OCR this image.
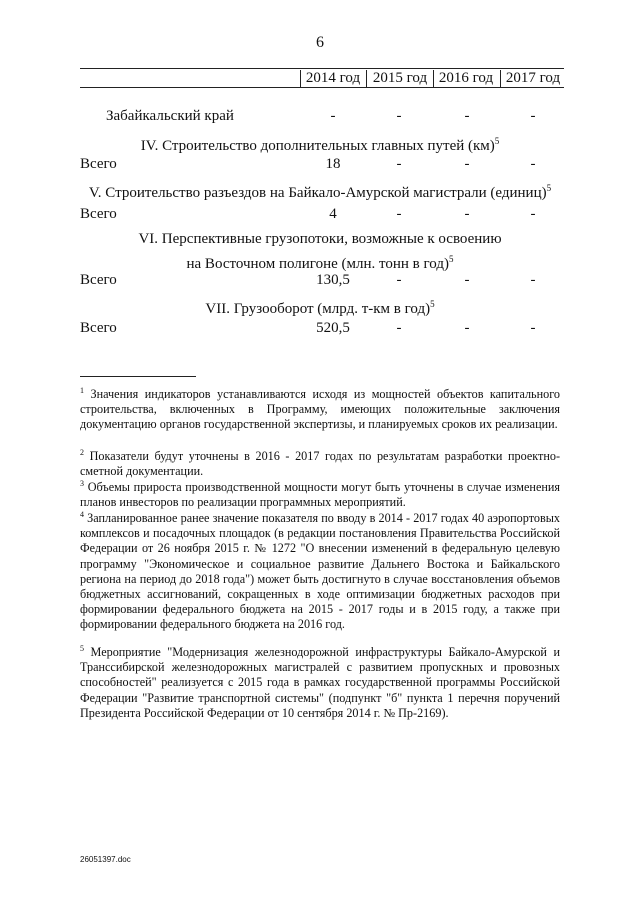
6
2014 год 2015 год 2016 год 2017 год
Забайкальский край	-	-	-	-
IV. Строительство дополнительных главных путей (км)$^5$
Всего	18	-	-	-
V. Строительство разъездов на Байкало-Амурской магистрали (единиц)$^5$
Всего	4	-	-	-
VI. Перспективные грузопотоки, возможные к освоению
на Восточном полигоне (млн. тонн в год)$^5$
Всего	130,5	-	-	-
VII. Грузооборот (млрд. т-км в год)$^5$
Всего	520,5	-	-	-
$^1$ Значения индикаторов устанавливаются исходя из мощностей объектов капитального строительства, включенных в Программу, имеющих положительные заключения документацию органов государственной экспертизы, и планируемых сроков их реализации.
$^2$ Показатели будут уточнены в 2016 - 2017 годах по результатам разработки проектно-сметной документации.
$^3$ Объемы прироста производственной мощности могут быть уточнены в случае изменения планов инвесторов по реализации программных мероприятий.
$^4$ Запланированное ранее значение показателя по вводу в 2014 - 2017 годах 40 аэропортовых комплексов и посадочных площадок (в редакции постановления Правительства Российской Федерации от 26 ноября 2015 г. № 1272 "О внесении изменений в федеральную целевую программу "Экономическое и социальное развитие Дальнего Востока и Байкальского региона на период до 2018 года") может быть достигнуто в случае восстановления объемов бюджетных ассигнований, сокращенных в ходе оптимизации бюджетных расходов при формировании федерального бюджета на 2015 - 2017 годы и в 2015 году, а также при формировании федерального бюджета на 2016 год.
$^5$ Мероприятие "Модернизация железнодорожной инфраструктуры Байкало-Амурской и Транссибирской железнодорожных магистралей с развитием пропускных и провозных способностей" реализуется с 2015 года в рамках государственной программы Российской Федерации "Развитие транспортной системы" (подпункт "б" пункта 1 перечня поручений Президента Российской Федерации от 10 сентября 2014 г. № Пр-2169).
26051397.doc
